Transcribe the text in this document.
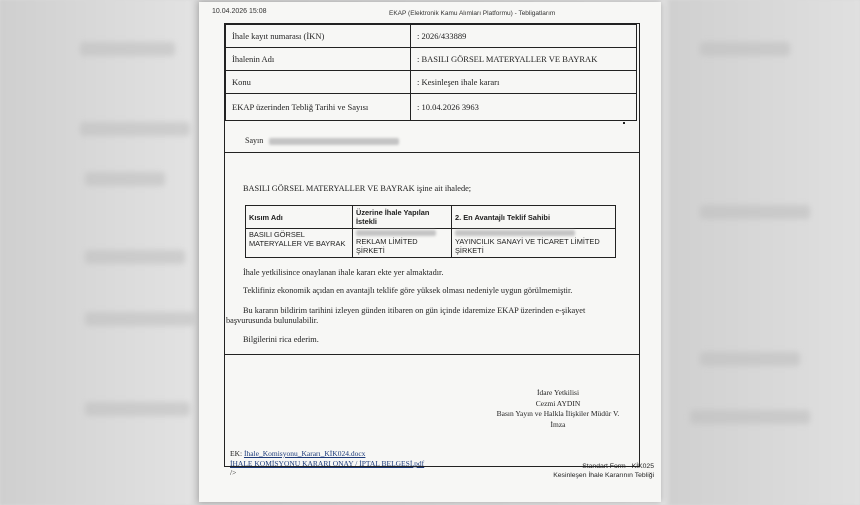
10.04.2026 15:08	EKAP (Elektronik Kamu Alımları Platformu) - Tebligatlarım
İhale kayıt numarası (İKN)	: 2026/433889
İhalenin Adı	: BASILI GÖRSEL MATERYALLER VE BAYRAK
Konu	: Kesinleşen ihale kararı
EKAP üzerinden Tebliğ Tarihi ve Sayısı	: 10.04.2026 3963
Sayın
BASILI GÖRSEL MATERYALLER VE BAYRAK işine ait ihalede;
Kısım Adı	Üzerine İhale Yapılan İstekli	2. En Avantajlı Teklif Sahibi
BASILI GÖRSEL MATERYALLER VE BAYRAK	REKLAM LİMİTED ŞİRKETİ	YAYINCILIK SANAYİ VE TİCARET LİMİTED ŞİRKETİ
İhale yetkilisince onaylanan ihale kararı ekte yer almaktadır.
Teklifiniz ekonomik açıdan en avantajlı teklife göre yüksek olması nedeniyle uygun görülmemiştir.
Bu kararın bildirim tarihini izleyen günden itibaren on gün içinde idaremize EKAP üzerinden e-şikayet
başvurusunda bulunulabilir.
Bilgilerini rica ederim.
İdare Yetkilisi
Cezmi AYDIN
Basın Yayın ve Halkla İlişkiler Müdür V.
İmza
EK: İhale_Komisyonu_Kararı_KİK024.docx
İHALE KOMİSYONU KARARI ONAY / İPTAL BELGESİ.pdf
/>
Standart Form - KİK025
Kesinleşen İhale Kararının Tebliği
